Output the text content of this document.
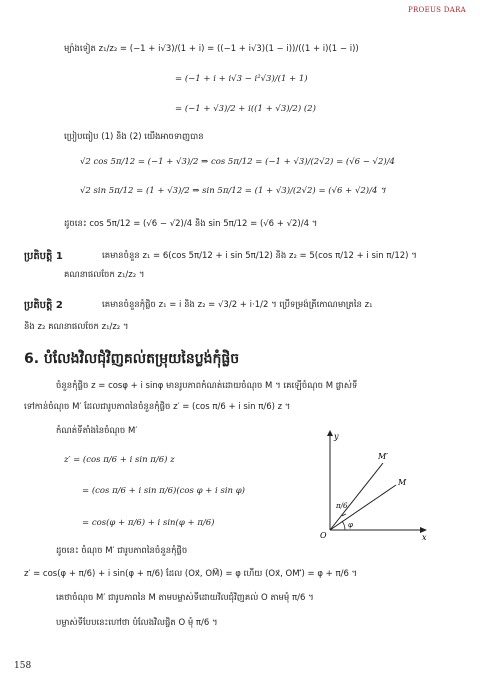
PROEUS DARA
ម្យ៉ាងទៀត z₁/z₂ = (−1 + i√3)/(1 + i) = ((−1 + i√3)(1 − i))/((1 + i)(1 − i))
= (−1 + i + i√3 − i²√3)/(1 + 1)
= (−1 + √3)/2 + i((1 + √3)/2) (2)
ប្រៀបធៀប (1) និង (2) យើងអាចទាញបាន
√2 cos 5π/12 = (−1 + √3)/2 ⇒ cos 5π/12 = (−1 + √3)/(2√2) = (√6 − √2)/4
√2 sin 5π/12 = (1 + √3)/2 ⇒ sin 5π/12 = (1 + √3)/(2√2) = (√6 + √2)/4 ។
ដូចនេះ cos 5π/12 = (√6 − √2)/4 និង sin 5π/12 = (√6 + √2)/4 ។
ប្រតិបត្តិ 1	គេមានចំនួន z₁ = 6(cos 5π/12 + i sin 5π/12) និង z₂ = 5(cos π/12 + i sin π/12) ។
គណនាផលចែក z₁/z₂ ។
ប្រតិបត្តិ 2	គេមានចំនួនកុំផ្លិច z₁ = i និង z₂ = √3/2 + i·1/2 ។ ប្រើទម្រង់ត្រីកោណមាត្រនៃ z₁
និង z₂ គណនាផលចែក z₁/z₂ ។
6. បំលែងវិលជុំវិញគល់តម្រុយនៃប្លង់កុំផ្លិច
ចំនួនកុំផ្លិច z = cosφ + i sinφ មានរូបភាពកំណត់ដោយចំណុច M ។ គេឡើចំណុច M ផ្លាស់ទី
ទៅកាន់ចំណុច M′ ដែលជារូបភាពនៃចំនួនកុំផ្លិច z′ = (cos π/6 + i sin π/6) z ។
កំណត់ទីតាំងនៃចំណុច M′
z′ = (cos π/6 + i sin π/6) z
= (cos π/6 + i sin π/6)(cos φ + i sin φ)
= cos(φ + π/6) + i sin(φ + π/6)
ដូចនេះ ចំណុច M′ ជារូបភាពនៃចំនួនកុំផ្លិច
z′ = cos(φ + π/6) + i sin(φ + π/6) ដែល (Ox⃗, OM⃗) = φ ហើយ (Ox⃗, OM′⃗) = φ + π/6 ។
គេថាចំណុច M′ ជារូបភាពនៃ M តាមបម្លាស់ទីដោយវិលជុំវិញគល់ O តាមមុំ π/6 ។
បម្លាស់ទីបែបនេះហៅថា បំលែងវិលផ្ចិត O មុំ π/6 ។
y
x
O
M
M′
π/6
φ
158
